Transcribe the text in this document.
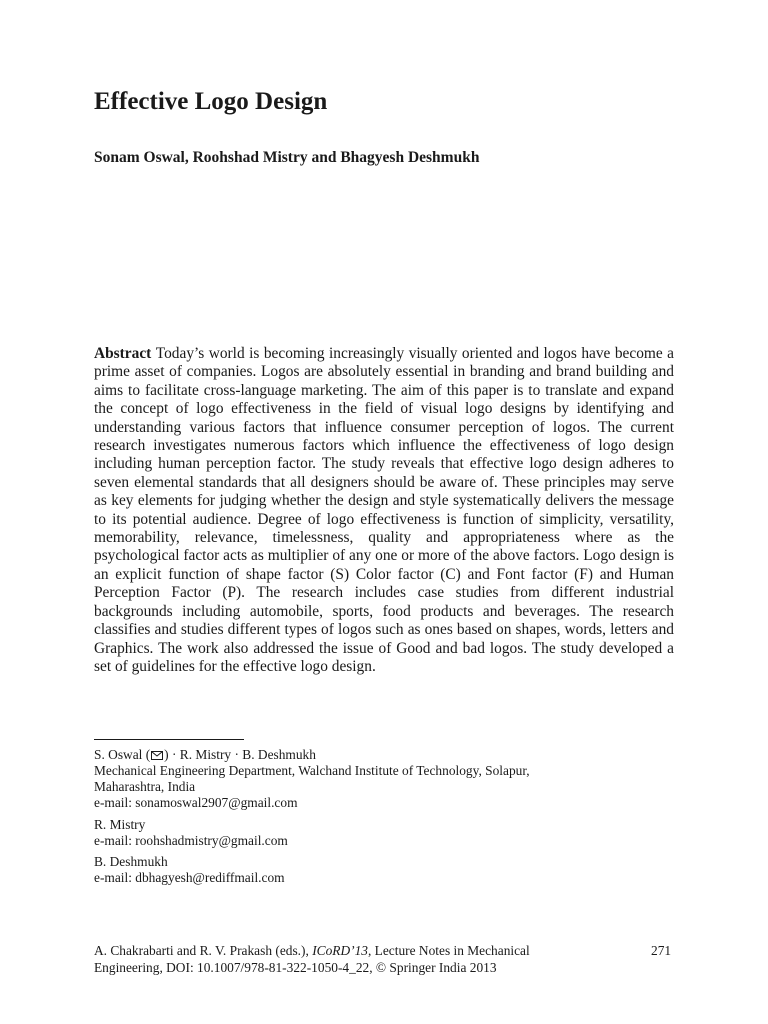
Effective Logo Design
Sonam Oswal, Roohshad Mistry and Bhagyesh Deshmukh

Abstract Today’s world is becoming increasingly visually oriented and logos have become a prime asset of companies. Logos are absolutely essential in branding and brand building and aims to facilitate cross-language marketing. The aim of this paper is to translate and expand the concept of logo effectiveness in the field of visual logo designs by identifying and understanding various factors that influence consumer perception of logos. The current research investigates numerous factors which influence the effectiveness of logo design including human perception factor. The study reveals that effective logo design adheres to seven elemental standards that all designers should be aware of. These principles may serve as key elements for judging whether the design and style systematically delivers the message to its potential audience. Degree of logo effectiveness is function of simplicity, versatility, memorability, relevance, timelessness, quality and appropriateness where as the psychological factor acts as multiplier of any one or more of the above factors. Logo design is an explicit function of shape factor (S) Color factor (C) and Font factor (F) and Human Perception Factor (P). The research includes case studies from different industrial backgrounds including automobile, sports, food products and beverages. The research classifies and studies different types of logos such as ones based on shapes, words, letters and Graphics. The work also addressed the issue of Good and bad logos. The study developed a set of guidelines for the effective logo design.

S. Oswal ( ) · R. Mistry · B. Deshmukh
Mechanical Engineering Department, Walchand Institute of Technology, Solapur,
Maharashtra, India
e-mail: sonamoswal2907@gmail.com
R. Mistry
e-mail: roohshadmistry@gmail.com
B. Deshmukh
e-mail: dbhagyesh@rediffmail.com
A. Chakrabarti and R. V. Prakash (eds.), ICoRD’13, Lecture Notes in Mechanical
Engineering, DOI: 10.1007/978-81-322-1050-4_22, © Springer India 2013
271
